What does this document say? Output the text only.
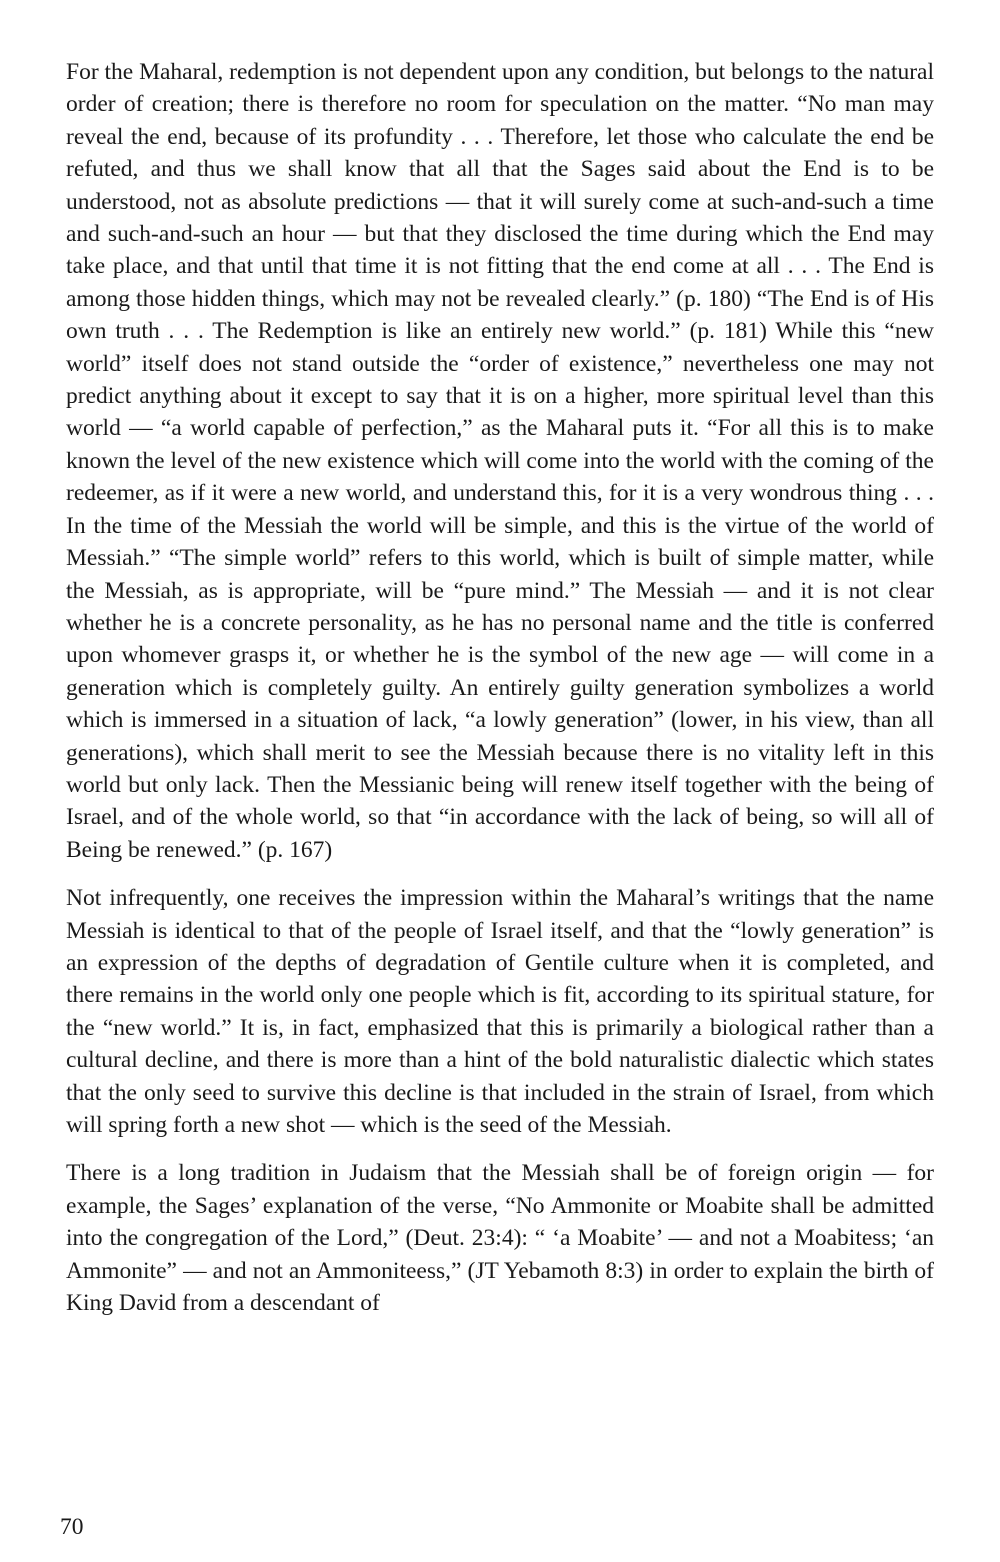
For the Maharal, redemption is not dependent upon any condition, but belongs to the natural order of creation; there is therefore no room for speculation on the matter. “No man may reveal the end, because of its profundity . . . Therefore, let those who calculate the end be refuted, and thus we shall know that all that the Sages said about the End is to be understood, not as absolute predictions — that it will surely come at such-and-such a time and such-and-such an hour — but that they disclosed the time during which the End may take place, and that until that time it is not fitting that the end come at all . . . The End is among those hidden things, which may not be revealed clearly.” (p. 180) “The End is of His own truth . . . The Redemption is like an entirely new world.” (p. 181) While this “new world” itself does not stand outside the “order of existence,” nevertheless one may not predict anything about it except to say that it is on a higher, more spiritual level than this world — “a world capable of perfection,” as the Maharal puts it. “For all this is to make known the level of the new existence which will come into the world with the coming of the redeemer, as if it were a new world, and understand this, for it is a very wondrous thing . . . In the time of the Messiah the world will be simple, and this is the virtue of the world of Messiah.” “The simple world” refers to this world, which is built of simple matter, while the Messiah, as is appropriate, will be “pure mind.” The Messiah — and it is not clear whether he is a concrete personality, as he has no personal name and the title is conferred upon whomever grasps it, or whether he is the symbol of the new age — will come in a generation which is completely guilty. An entirely guilty generation symbolizes a world which is immersed in a situation of lack, “a lowly generation” (lower, in his view, than all generations), which shall merit to see the Messiah because there is no vitality left in this world but only lack. Then the Messianic being will renew itself together with the being of Israel, and of the whole world, so that “in accordance with the lack of being, so will all of Being be renewed.” (p. 167)

Not infrequently, one receives the impression within the Maharal’s writings that the name Messiah is identical to that of the people of Israel itself, and that the “lowly generation” is an expression of the depths of degradation of Gentile culture when it is completed, and there remains in the world only one people which is fit, according to its spiritual stature, for the “new world.” It is, in fact, emphasized that this is primarily a biological rather than a cultural decline, and there is more than a hint of the bold naturalistic dialectic which states that the only seed to survive this decline is that included in the strain of Israel, from which will spring forth a new shot — which is the seed of the Messiah.

There is a long tradition in Judaism that the Messiah shall be of foreign origin — for example, the Sages’ explanation of the verse, “No Ammonite or Moabite shall be admitted into the congregation of the Lord,” (Deut. 23:4): “ ‘a Moabite’ — and not a Moabitess; ‘an Ammonite” — and not an Ammoniteess,” (JT Yebamoth 8:3) in order to explain the birth of King David from a descendant of

70
